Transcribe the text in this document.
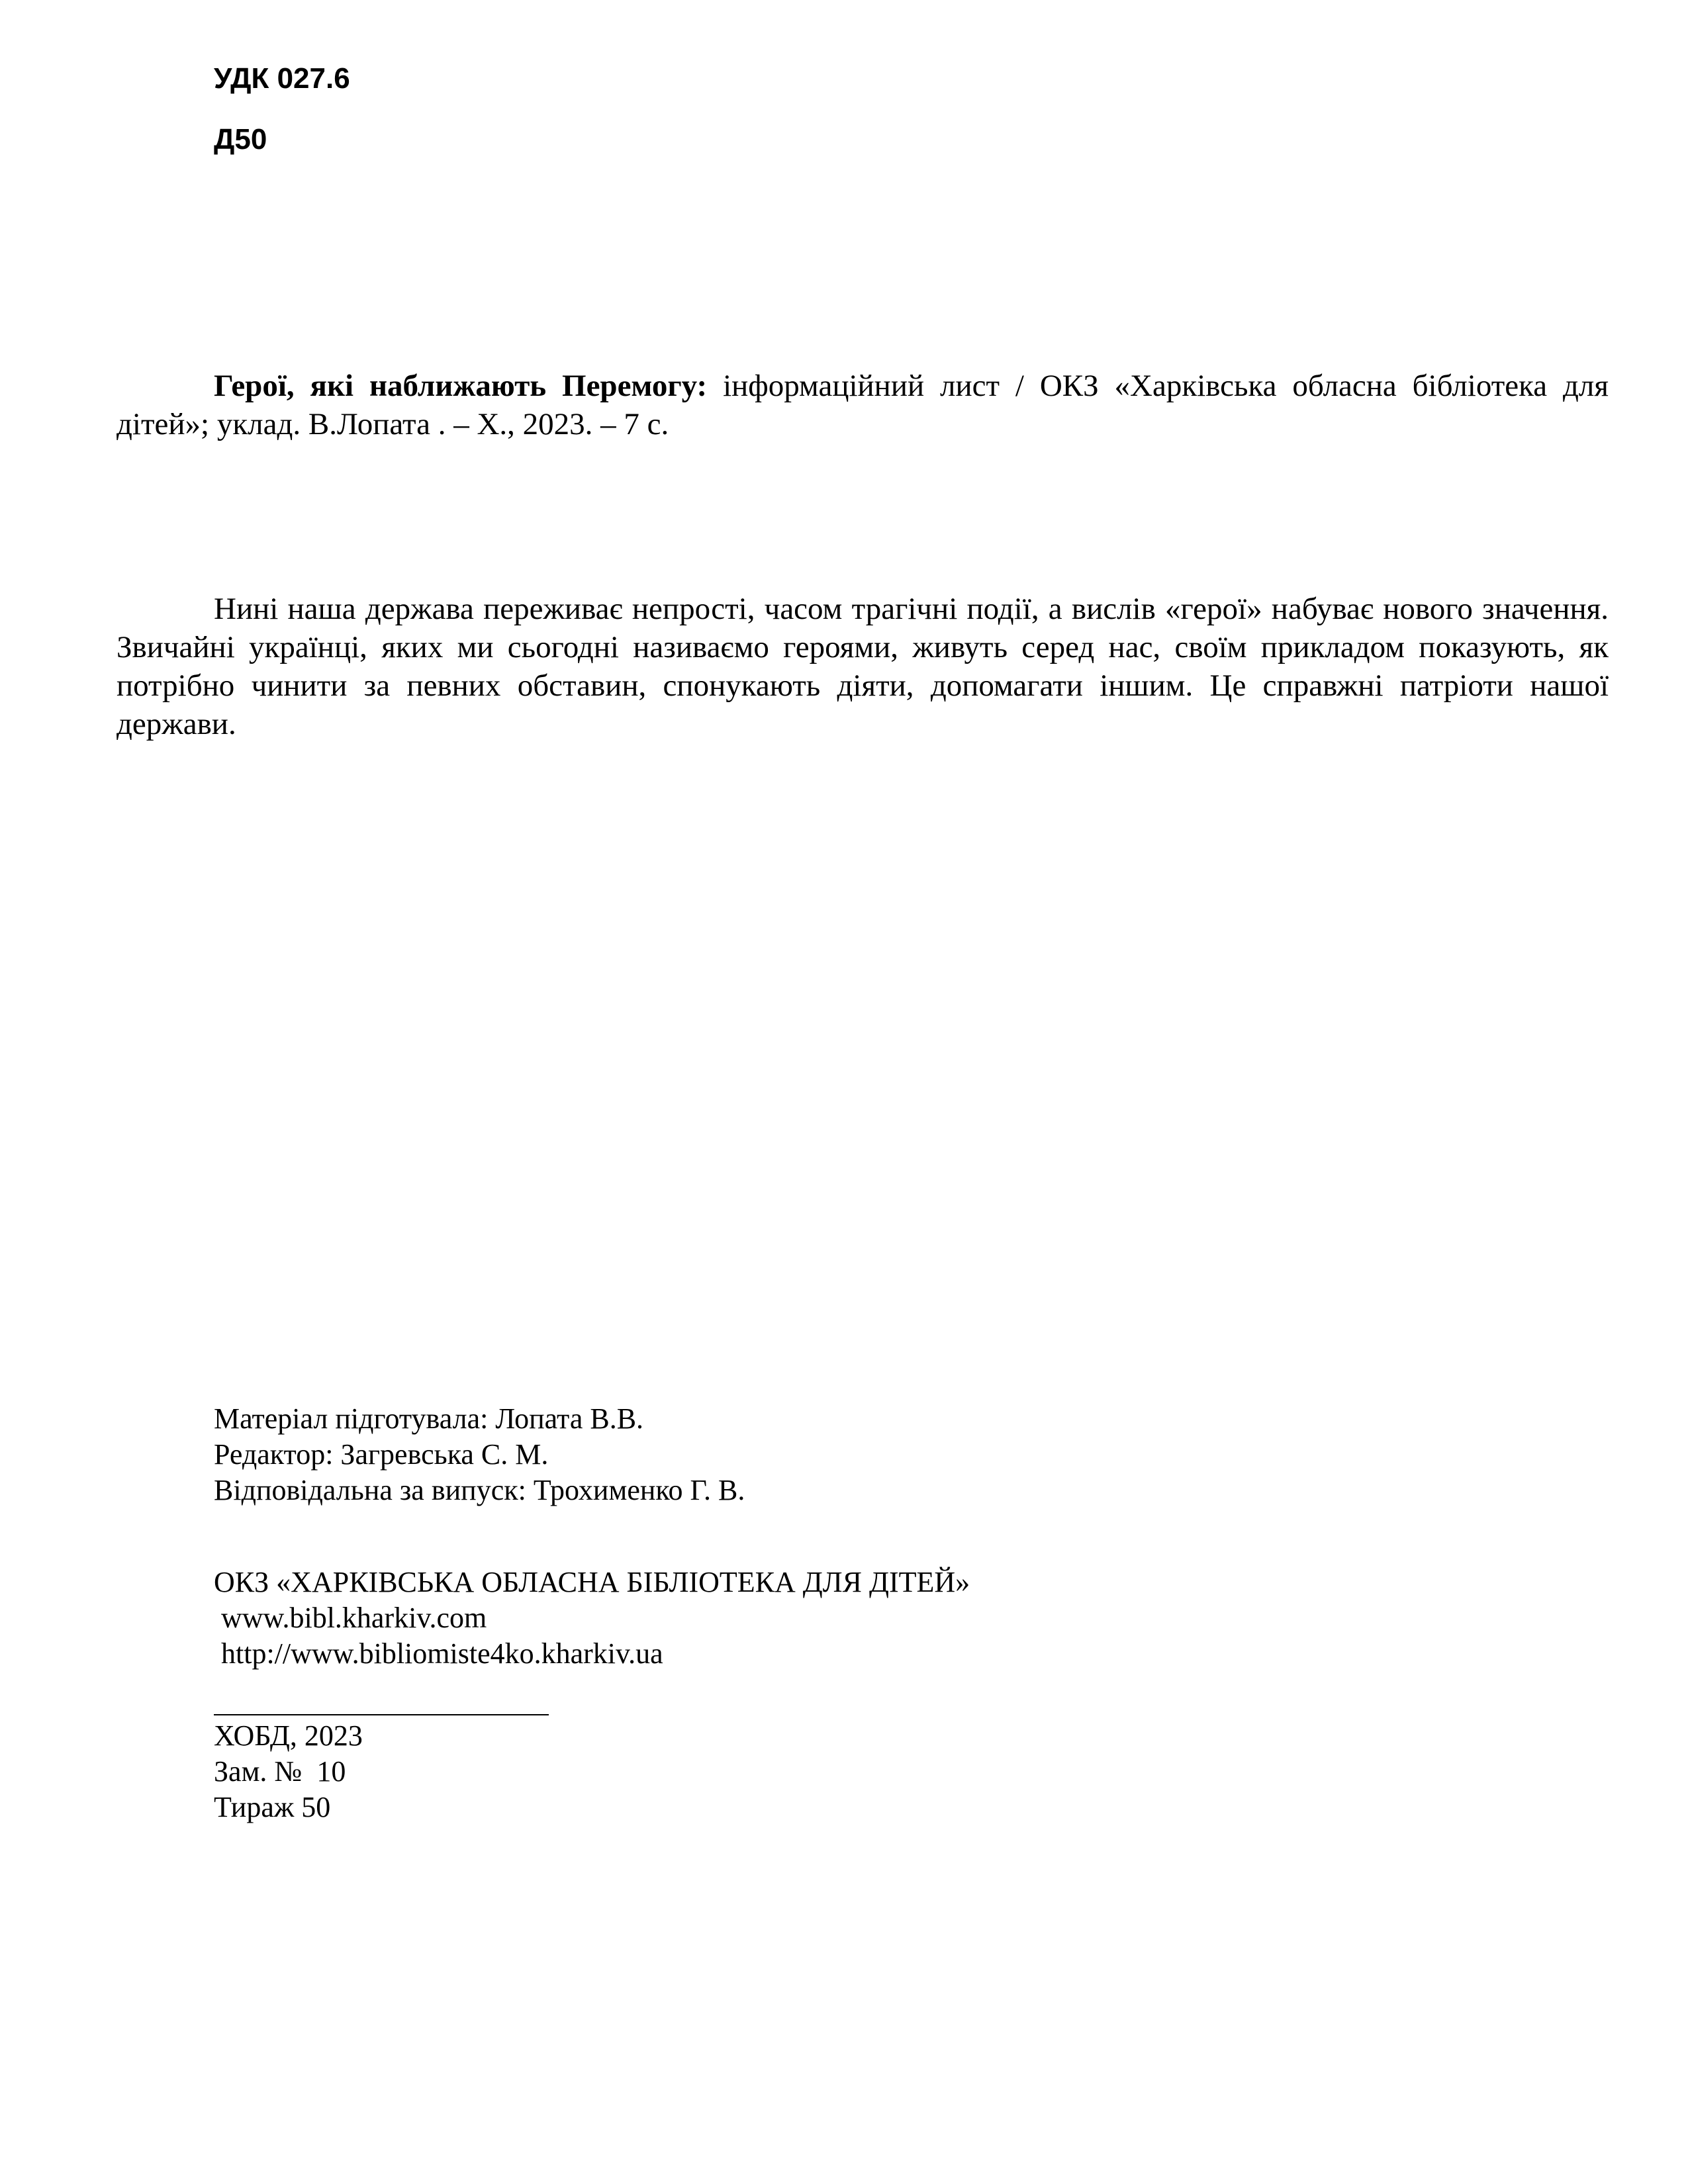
УДК 027.6
Д50

Герої, які наближають Перемогу: інформаційний лист / ОКЗ «Харківська обласна бібліотека для дітей»; уклад. В.Лопата . – Х., 2023. – 7 с.

Нині наша держава переживає непрості, часом трагічні події, а вислів «герої» набуває нового значення. Звичайні українці, яких ми сьогодні називаємо героями, живуть серед нас, своїм прикладом показують, як потрібно чинити за певних обставин, спонукають діяти, допомагати іншим. Це справжні патріоти нашої держави.

Матеріал підготувала: Лопата В.В.
Редактор: Загревська С. М.
Відповідальна за випуск: Трохименко Г. В.
ОКЗ «ХАРКІВСЬКА ОБЛАСНА БІБЛІОТЕКА ДЛЯ ДІТЕЙ»
www.bibl.kharkiv.com
http://www.bibliomiste4ko.kharkiv.ua
ХОБД, 2023
Зам. №  10
Тираж 50
